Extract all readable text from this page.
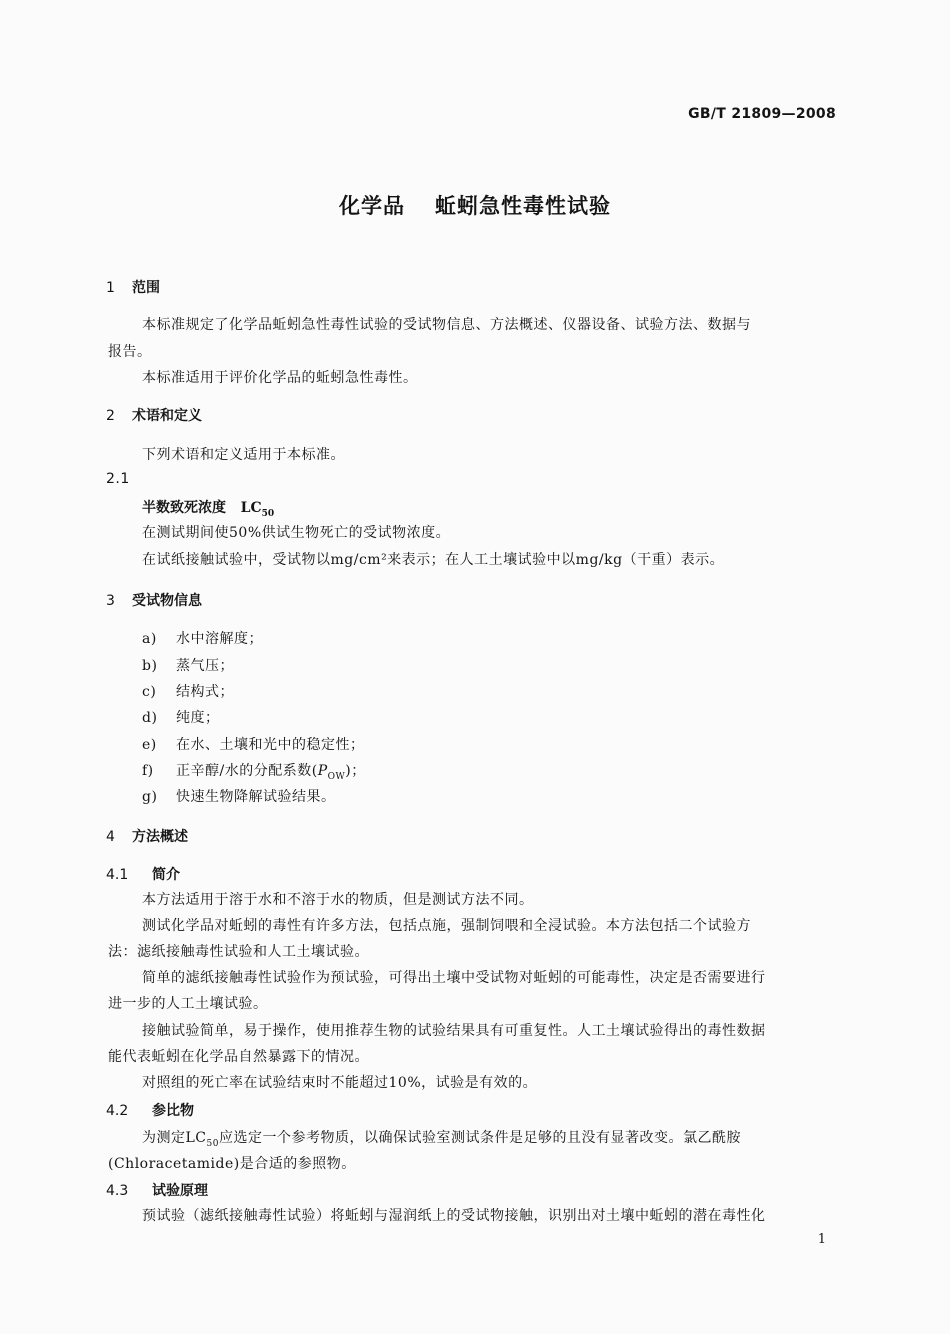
GB/T 21809—2008
化学品 蚯蚓急性毒性试验
1 范围
本标准规定了化学品蚯蚓急性毒性试验的受试物信息、方法概述、仪器设备、试验方法、数据与
报告。
本标准适用于评价化学品的蚯蚓急性毒性。
2 术语和定义
下列术语和定义适用于本标准。
2.1
半数致死浓度 $LC_{50}$
在测试期间使50%供试生物死亡的受试物浓度。
在试纸接触试验中，受试物以mg/cm²来表示；在人工土壤试验中以mg/kg（干重）表示。
3 受试物信息
a) 水中溶解度；
b) 蒸气压；
c) 结构式；
d) 纯度；
e) 在水、土壤和光中的稳定性；
f) 正辛醇/水的分配系数$(P_{OW})$；
g) 快速生物降解试验结果。
4 方法概述
4.1 简介
本方法适用于溶于水和不溶于水的物质，但是测试方法不同。
测试化学品对蚯蚓的毒性有许多方法，包括点施，强制饲喂和全浸试验。本方法包括二个试验方
法：滤纸接触毒性试验和人工土壤试验。
简单的滤纸接触毒性试验作为预试验，可得出土壤中受试物对蚯蚓的可能毒性，决定是否需要进行
进一步的人工土壤试验。
接触试验简单，易于操作，使用推荐生物的试验结果具有可重复性。人工土壤试验得出的毒性数据
能代表蚯蚓在化学品自然暴露下的情况。
对照组的死亡率在试验结束时不能超过10%，试验是有效的。
4.2 参比物
为测定$LC_{50}$应选定一个参考物质，以确保试验室测试条件是足够的且没有显著改变。氯乙酰胺
(Chloracetamide)是合适的参照物。
4.3 试验原理
预试验（滤纸接触毒性试验）将蚯蚓与湿润纸上的受试物接触，识别出对土壤中蚯蚓的潜在毒性化
1
